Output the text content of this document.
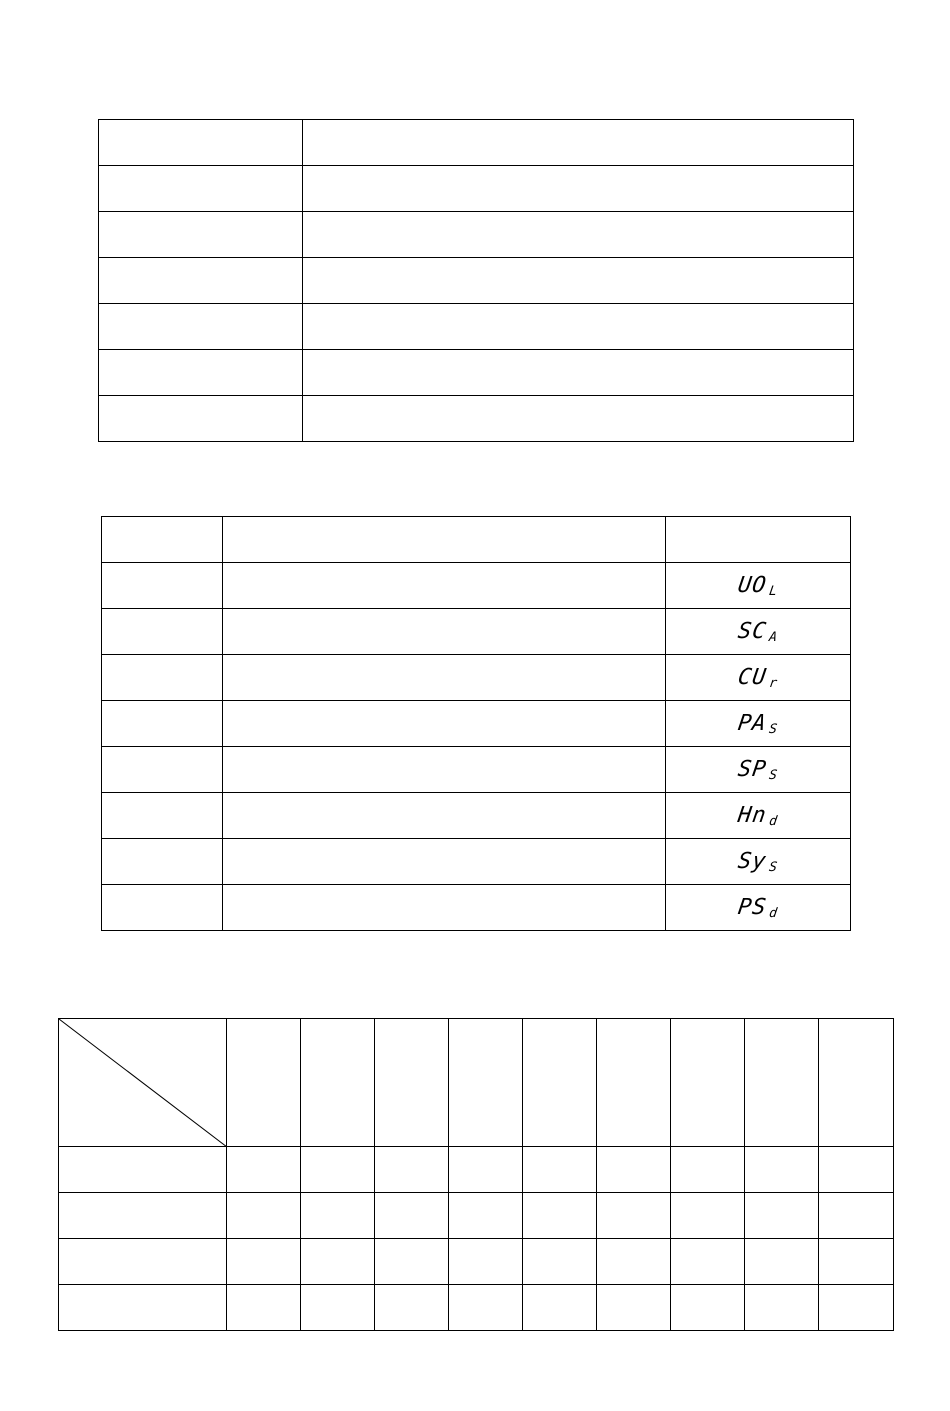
		UOL
		SCA
		CUr
		PAS
		SPS
		Hnd
		SyS
		PSd
